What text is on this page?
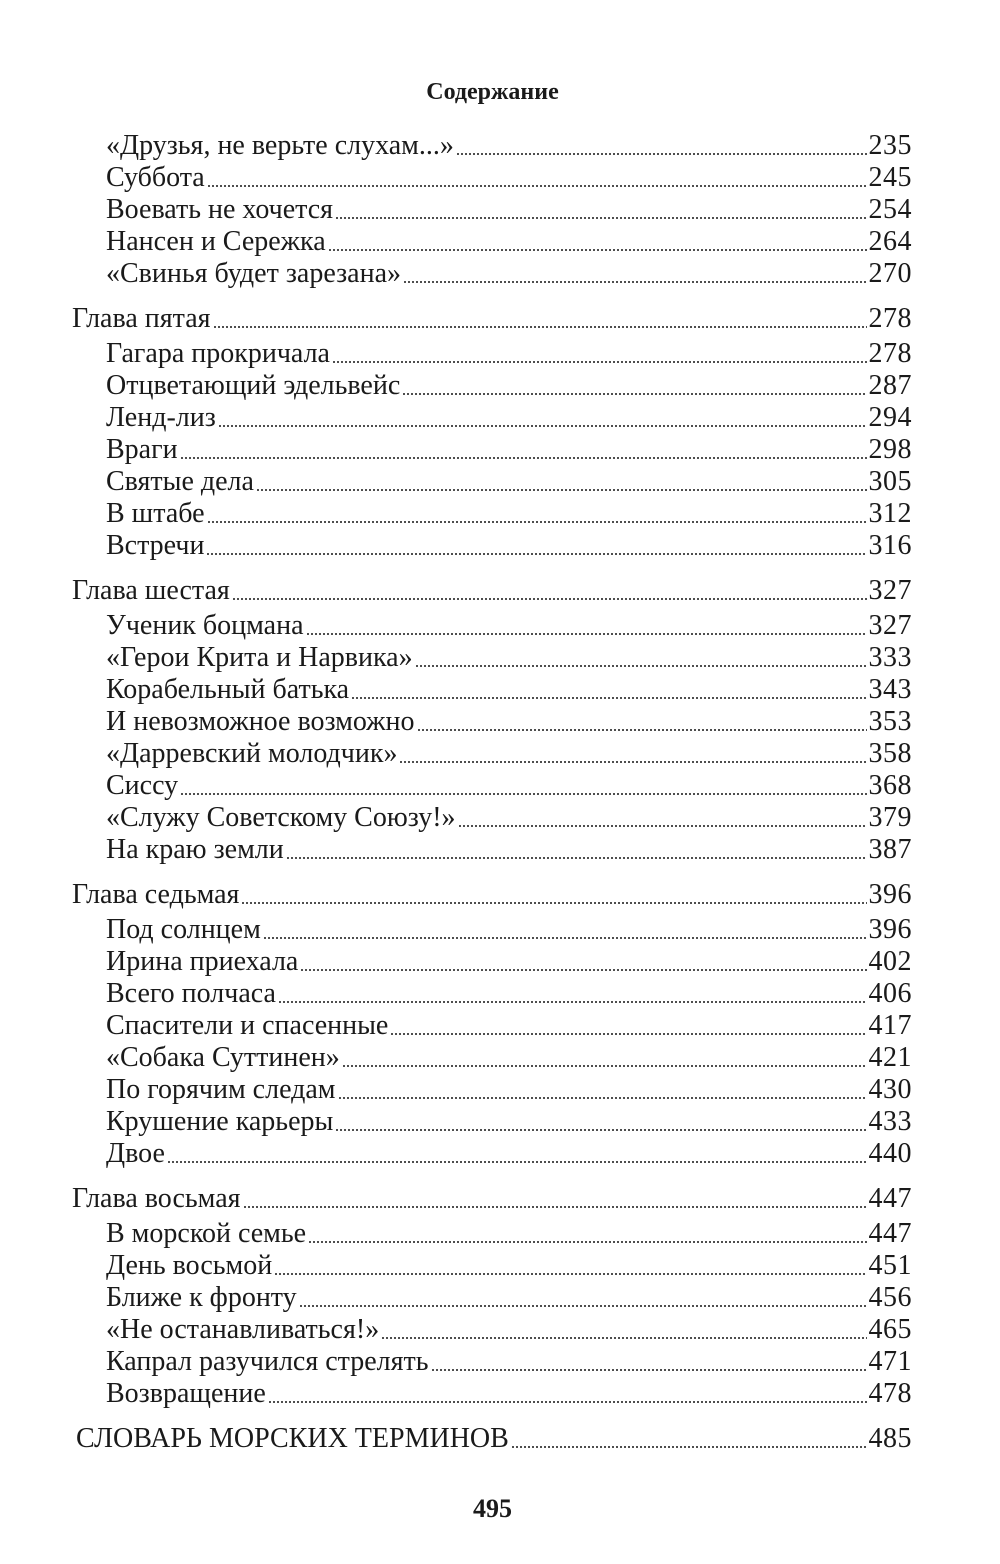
Содержание
«Друзья, не верьте слухам...»	235
Суббота	245
Воевать не хочется	254
Нансен и Сережка	264
«Свинья будет зарезана»	270
Глава пятая	278
Гагара прокричала	278
Отцветающий эдельвейс	287
Ленд-лиз	294
Враги	298
Святые дела	305
В штабе	312
Встречи	316
Глава шестая	327
Ученик боцмана	327
«Герои Крита и Нарвика»	333
Корабельный батька	343
И невозможное возможно	353
«Дарревский молодчик»	358
Сиссу	368
«Служу Советскому Союзу!»	379
На краю земли	387
Глава седьмая	396
Под солнцем	396
Ирина приехала	402
Всего полчаса	406
Спасители и спасенные	417
«Собака Суттинен»	421
По горячим следам	430
Крушение карьеры	433
Двое	440
Глава восьмая	447
В морской семье	447
День восьмой	451
Ближе к фронту	456
«Не останавливаться!»	465
Капрал разучился стрелять	471
Возвращение	478
СЛОВАРЬ МОРСКИХ ТЕРМИНОВ	485
495
